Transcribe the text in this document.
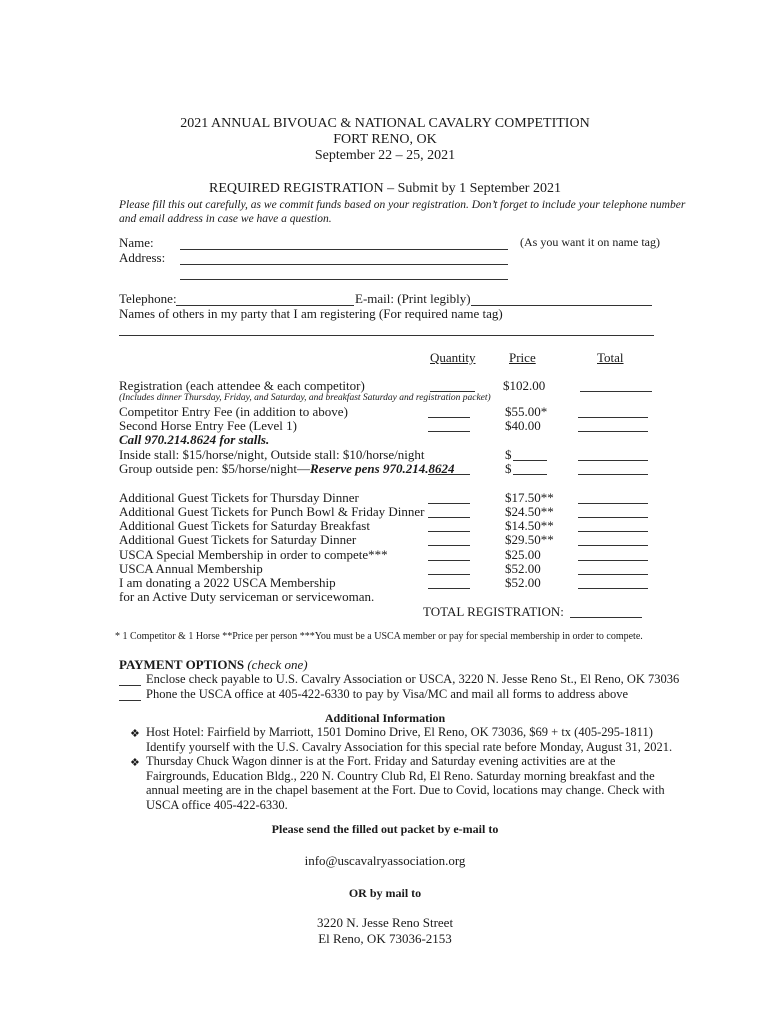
2021 ANNUAL BIVOUAC & NATIONAL CAVALRY COMPETITION
FORT RENO, OK
September 22 – 25, 2021
REQUIRED REGISTRATION – Submit by 1 September 2021
Please fill this out carefully, as we commit funds based on your registration. Don’t forget to include your telephone number
and email address in case we have a question.
Name:	(As you want it on name tag)
Address:
Telephone:	E-mail: (Print legibly)
Names of others in my party that I am registering (For required name tag)
Quantity	Price	Total
Registration (each attendee & each competitor)	$102.00
(Includes dinner Thursday, Friday, and Saturday, and breakfast Saturday and registration packet)
Competitor Entry Fee (in addition to above)	$55.00*
Second Horse Entry Fee (Level 1)	$40.00
Call 970.214.8624 for stalls.
Inside stall: $15/horse/night, Outside stall: $10/horse/night	$
Group outside pen: $5/horse/night—Reserve pens 970.214.8624	$
Additional Guest Tickets for Thursday Dinner	$17.50**
Additional Guest Tickets for Punch Bowl & Friday Dinner	$24.50**
Additional Guest Tickets for Saturday Breakfast	$14.50**
Additional Guest Tickets for Saturday Dinner	$29.50**
USCA Special Membership in order to compete***	$25.00
USCA Annual Membership	$52.00
I am donating a 2022 USCA Membership	$52.00
for an Active Duty serviceman or servicewoman.
TOTAL REGISTRATION:
* 1 Competitor & 1 Horse **Price per person ***You must be a USCA member or pay for special membership in order to compete.
PAYMENT OPTIONS (check one)
Enclose check payable to U.S. Cavalry Association or USCA, 3220 N. Jesse Reno St., El Reno, OK 73036
Phone the USCA office at 405-422-6330 to pay by Visa/MC and mail all forms to address above
Additional Information
❖ Host Hotel: Fairfield by Marriott, 1501 Domino Drive, El Reno, OK 73036, $69 + tx (405-295-1811)
Identify yourself with the U.S. Cavalry Association for this special rate before Monday, August 31, 2021.
❖ Thursday Chuck Wagon dinner is at the Fort. Friday and Saturday evening activities are at the
Fairgrounds, Education Bldg., 220 N. Country Club Rd, El Reno. Saturday morning breakfast and the
annual meeting are in the chapel basement at the Fort. Due to Covid, locations may change. Check with
USCA office 405-422-6330.
Please send the filled out packet by e-mail to
info@uscavalryassociation.org
OR by mail to
3220 N. Jesse Reno Street
El Reno, OK 73036-2153
